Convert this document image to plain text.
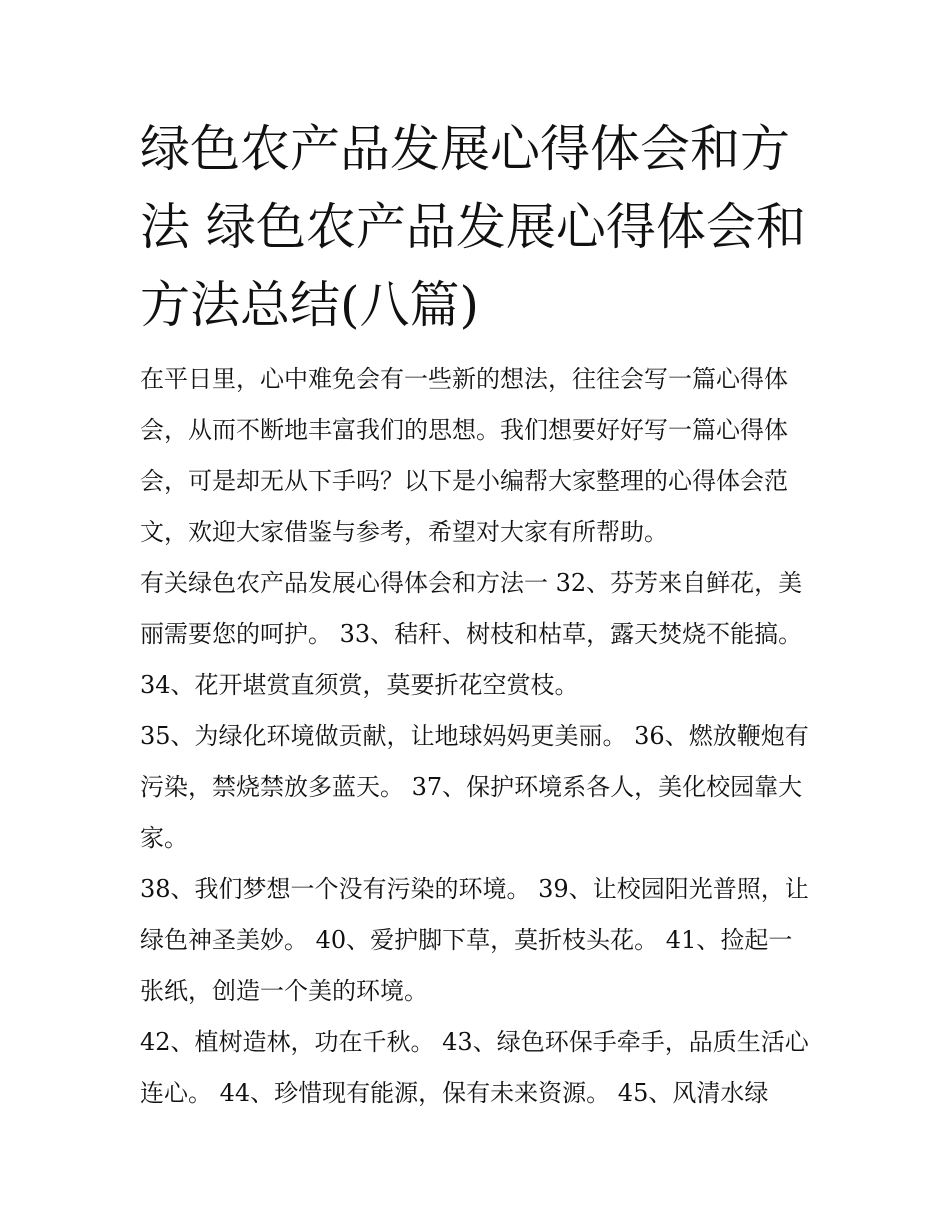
绿色农产品发展心得体会和方法 绿色农产品发展心得体会和方法总结(八篇)

在平日里，心中难免会有一些新的想法，往往会写一篇心得体会，从而不断地丰富我们的思想。我们想要好好写一篇心得体会，可是却无从下手吗？以下是小编帮大家整理的心得体会范文，欢迎大家借鉴与参考，希望对大家有所帮助。

有关绿色农产品发展心得体会和方法一 32、芬芳来自鲜花，美丽需要您的呵护。 33、秸秆、树枝和枯草，露天焚烧不能搞。 34、花开堪赏直须赏，莫要折花空赏枝。

35、为绿化环境做贡献，让地球妈妈更美丽。 36、燃放鞭炮有污染，禁烧禁放多蓝天。 37、保护环境系各人，美化校园靠大家。

38、我们梦想一个没有污染的环境。 39、让校园阳光普照，让绿色神圣美妙。 40、爱护脚下草，莫折枝头花。 41、捡起一张纸，创造一个美的环境。

42、植树造林，功在千秋。 43、绿色环保手牵手，品质生活心连心。 44、珍惜现有能源，保有未来资源。 45、风清水绿
